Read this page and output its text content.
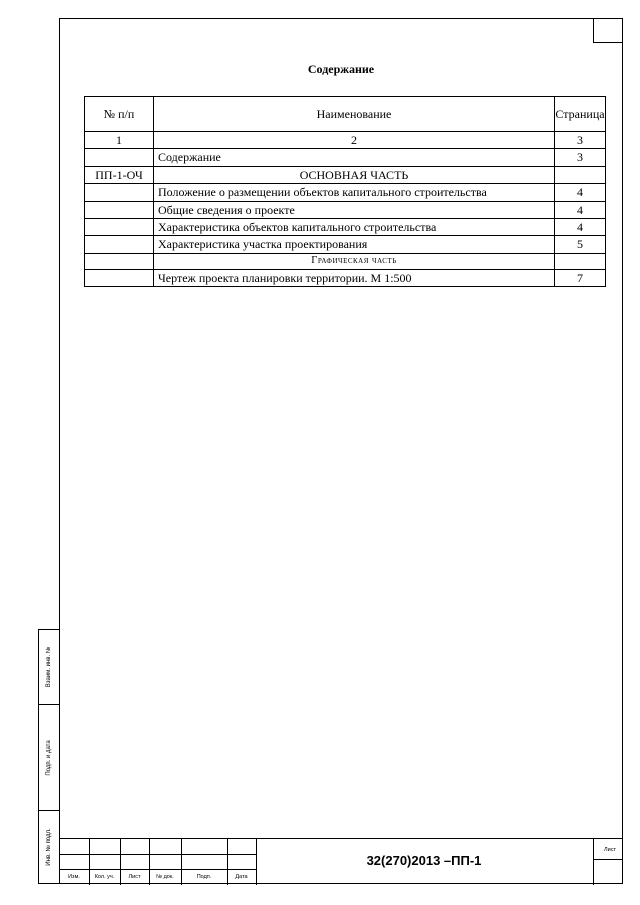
Содержание
№ п/п	Наименование	Страница
1	2	3
	Содержание	3
ПП-1-ОЧ	ОСНОВНАЯ ЧАСТЬ	
	Положение о размещении объектов капитального строительства	4
	Общие сведения о проекте	4
	Характеристика объектов капитального строительства	4
	Характеристика участка проектирования	5
	Графическая часть	
	Чертеж проекта планировки территории. М 1:500	7
Взаим. инв. №
Подп. и дата
Инв. № подл.
Изм.	Кол. уч.	Лист	№ док.	Подп.	Дата
32(270)2013 –ПП-1
Лист
